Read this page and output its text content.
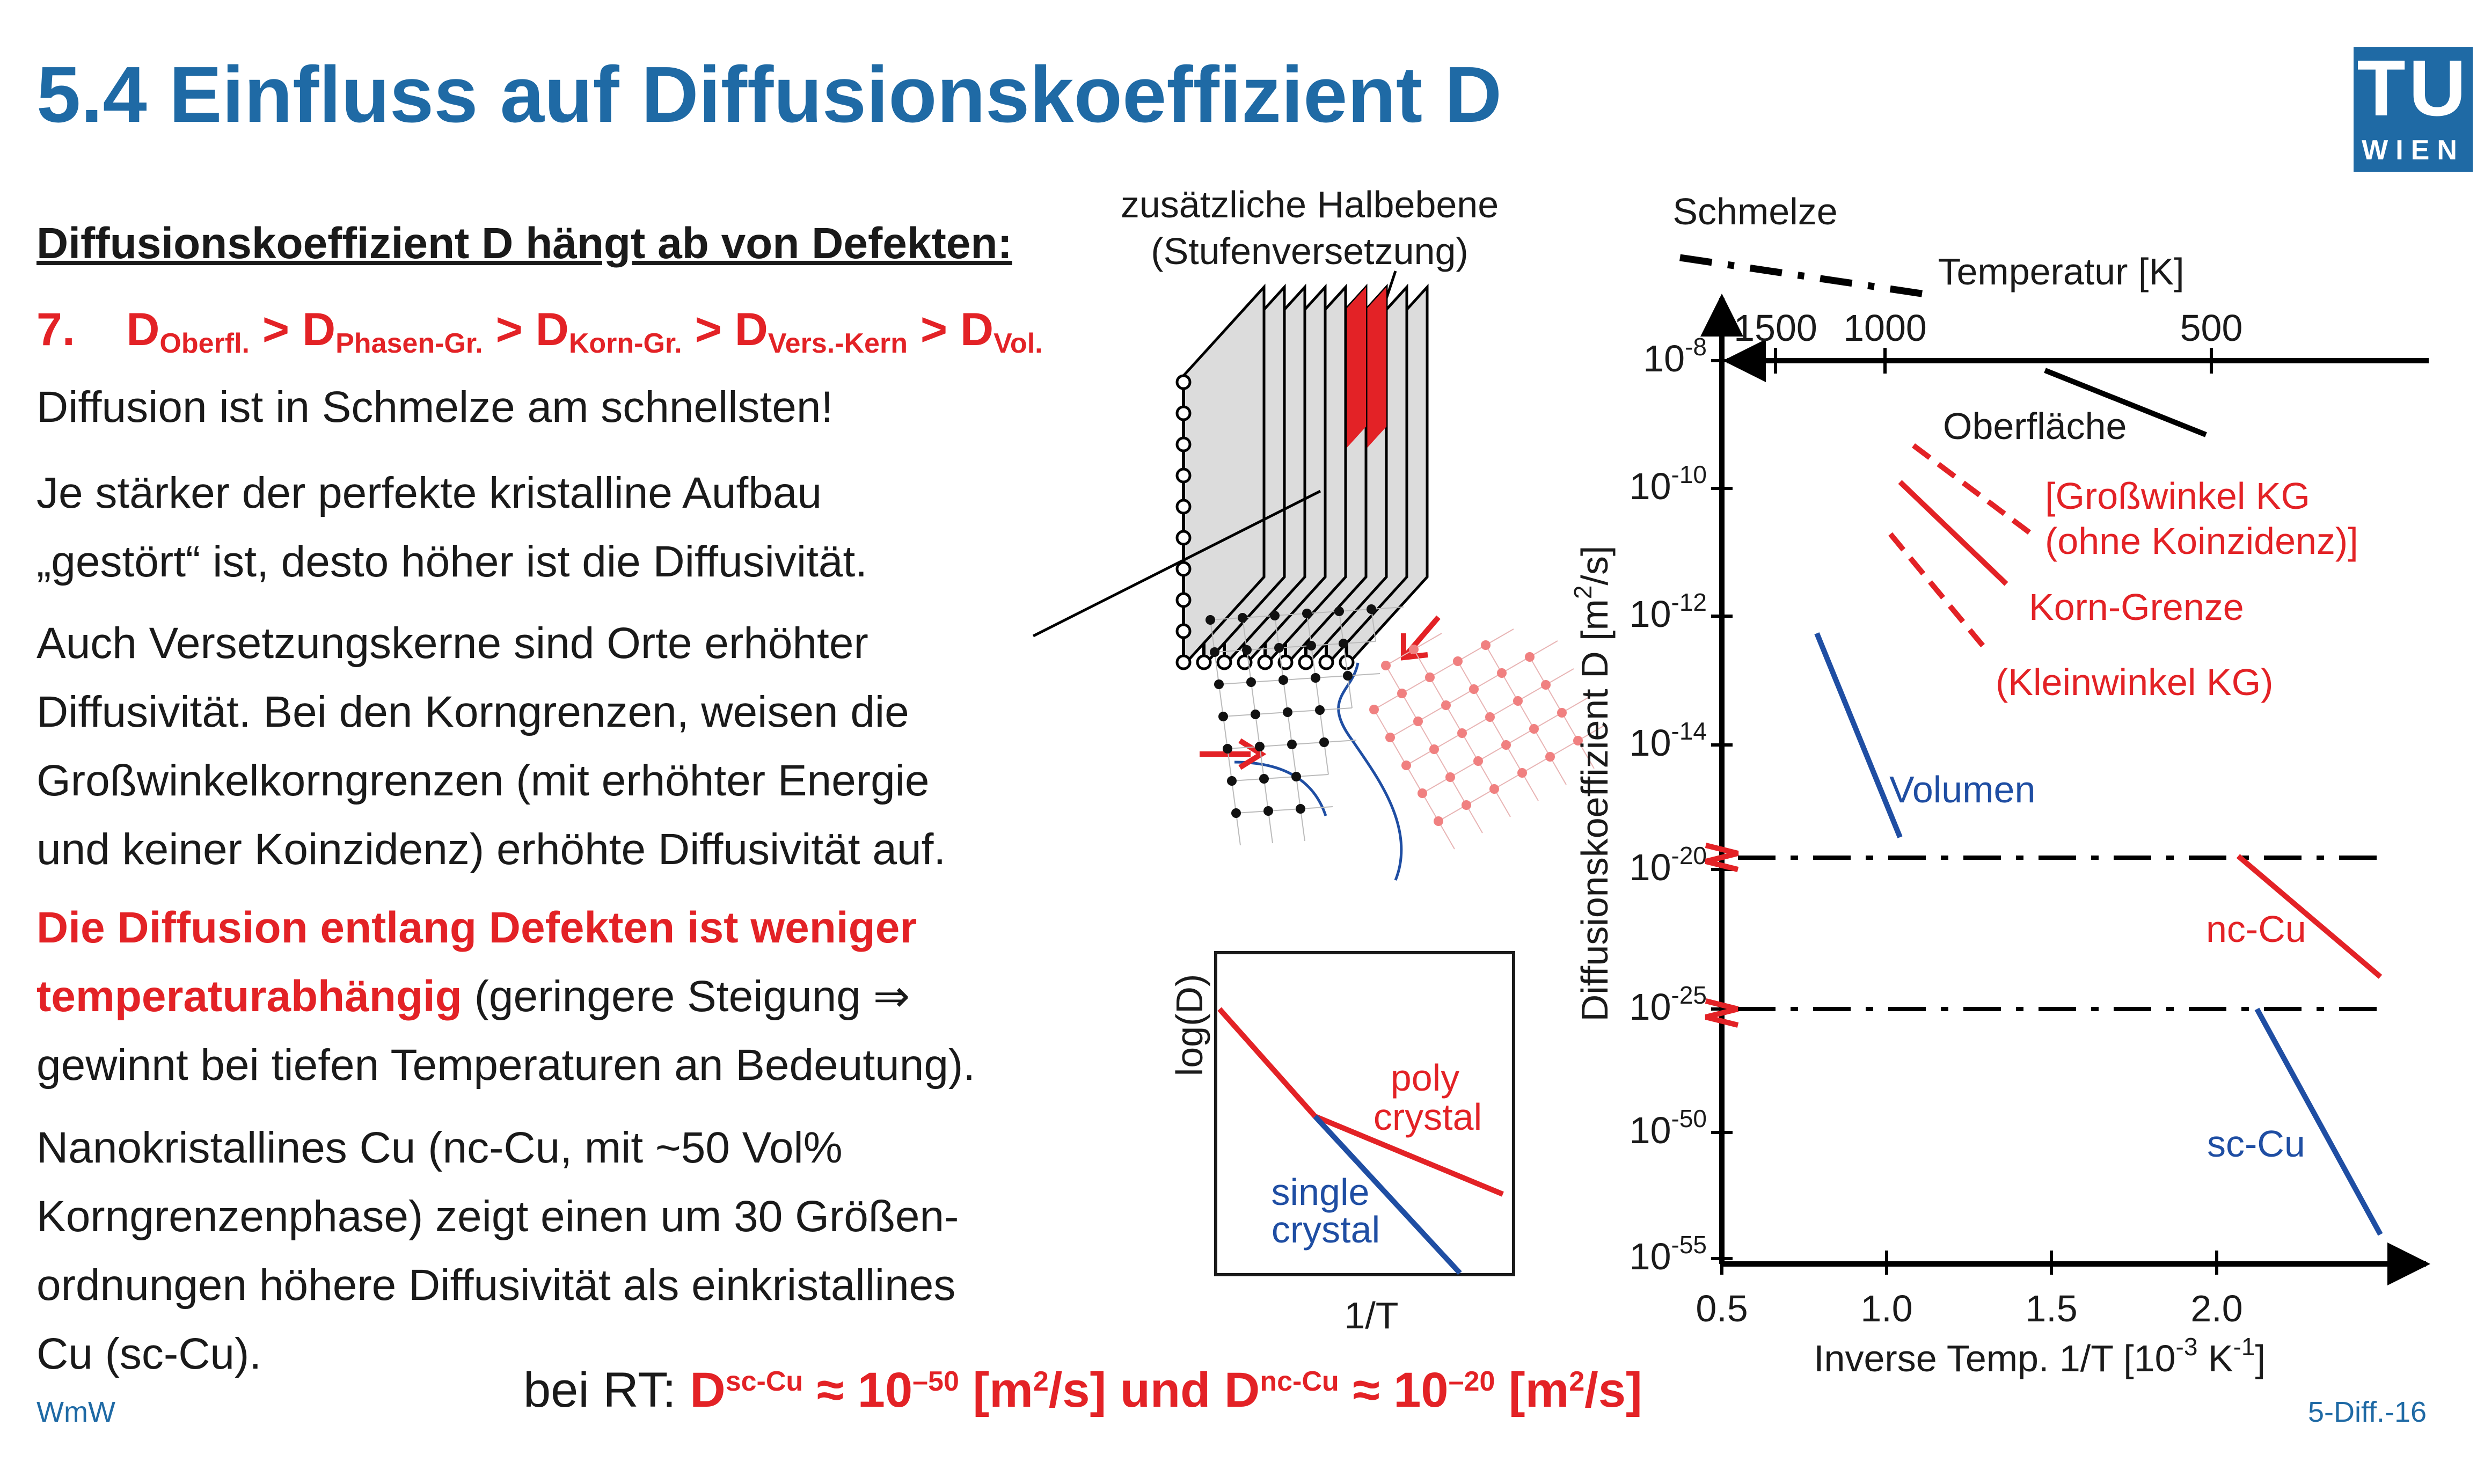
5.4 Einfluss auf Diffusionskoeffizient D	TU
WIEN
Diffusionskoeffizient D hängt ab von Defekten:
7. $D_{Oberfl.} > D_{Phasen-Gr.} > D_{Korn-Gr.} > D_{Vers.-Kern} > D_{Vol.}$
Diffusion ist in Schmelze am schnellsten!
Je stärker der perfekte kristalline Aufbau
„gestört“ ist, desto höher ist die Diffusivität.
Auch Versetzungskerne sind Orte erhöhter
Diffusivität. Bei den Korngrenzen, weisen die
Großwinkelkorngrenzen (mit erhöhter Energie
und keiner Koinzidenz) erhöhte Diffusivität auf.
Die Diffusion entlang Defekten ist weniger
temperaturabhängig (geringere Steigung ⇒
gewinnt bei tiefen Temperaturen an Bedeutung).
Nanokristallines Cu (nc-Cu, mit ~50 Vol%
Korngrenzenphase) zeigt einen um 30 Größen-
ordnungen höhere Diffusivität als einkristallines
Cu (sc-Cu).
bei RT: $D^{sc-Cu} \approx 10^{-50}$ $[m^2/s]$ und $D^{nc-Cu} \approx 10^{-20}$ $[m^2/s]$
WmW	5-Diff.-16
zusätzliche Halbebene
(Stufenversetzung)
poly
crystal
single
crystal
log(D)
1/T
Schmelze
Temperatur [K]
1500 1000	500
0.5	1.0	1.5	2.0
Inverse Temp. 1/T [$10^{-3}$ $K^{-1}$]
$10^{-8}$
$10^{-10}$
$10^{-12}$
$10^{-14}$
$10^{-20}$
$10^{-25}$
$10^{-50}$
$10^{-55}$
Diffusionskoeffizient D $[m^2/s]$
Oberfläche
[Großwinkel KG
(ohne Koinzidenz)]
Korn-Grenze
(Kleinwinkel KG)
Volumen
nc-Cu
sc-Cu
